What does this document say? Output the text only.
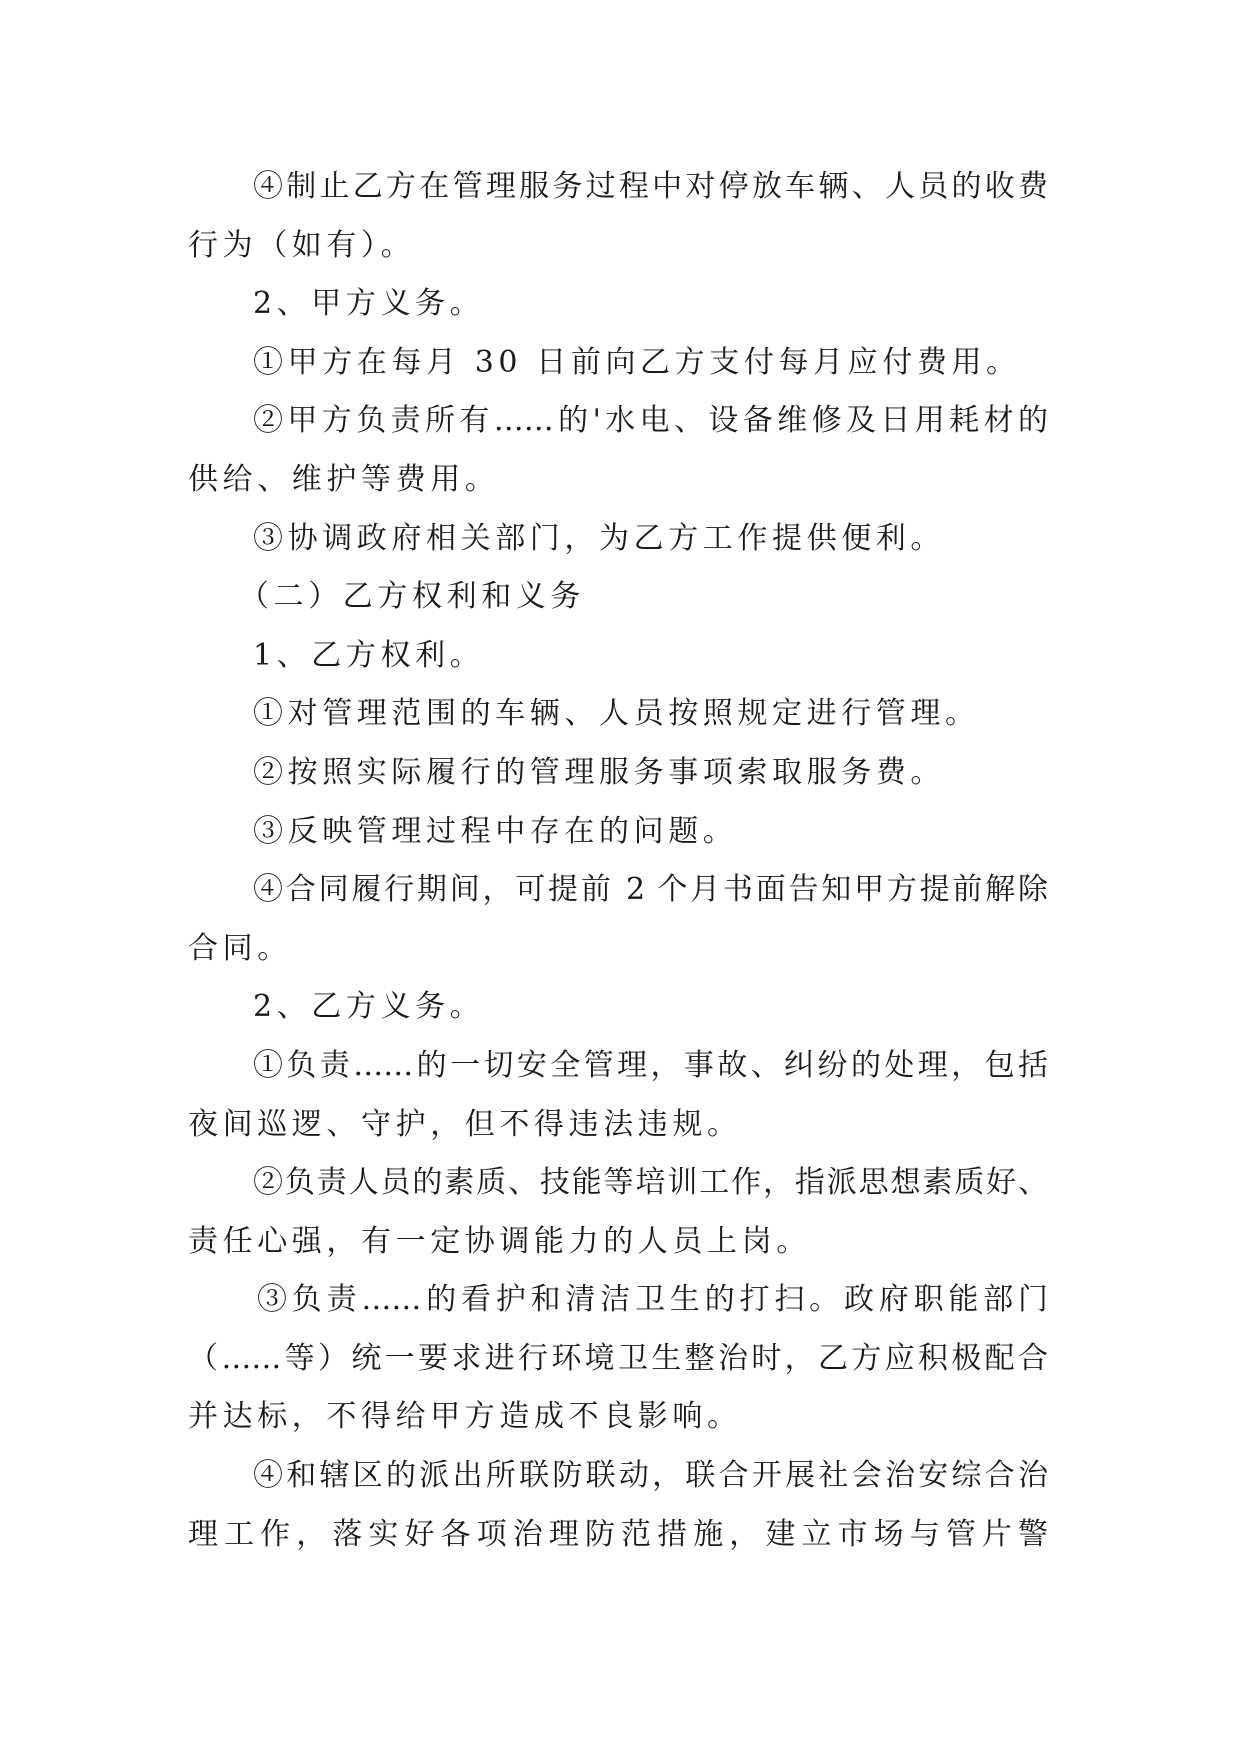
④制止乙方在管理服务过程中对停放车辆、人员的收费
行为（如有）。
2、甲方义务。
①甲方在每月 30 日前向乙方支付每月应付费用。
②甲方负责所有……的'水电、设备维修及日用耗材的
供给、维护等费用。
③协调政府相关部门，为乙方工作提供便利。
（二）乙方权利和义务
1、乙方权利。
①对管理范围的车辆、人员按照规定进行管理。
②按照实际履行的管理服务事项索取服务费。
③反映管理过程中存在的问题。
④合同履行期间，可提前 2 个月书面告知甲方提前解除
合同。
2、乙方义务。
①负责……的一切安全管理，事故、纠纷的处理，包括
夜间巡逻、守护，但不得违法违规。
②负责人员的素质、技能等培训工作，指派思想素质好、
责任心强，有一定协调能力的人员上岗。
③负责……的看护和清洁卫生的打扫。政府职能部门
（……等）统一要求进行环境卫生整治时，乙方应积极配合
并达标，不得给甲方造成不良影响。
④和辖区的派出所联防联动，联合开展社会治安综合治
理工作，落实好各项治理防范措施，建立市场与管片警
